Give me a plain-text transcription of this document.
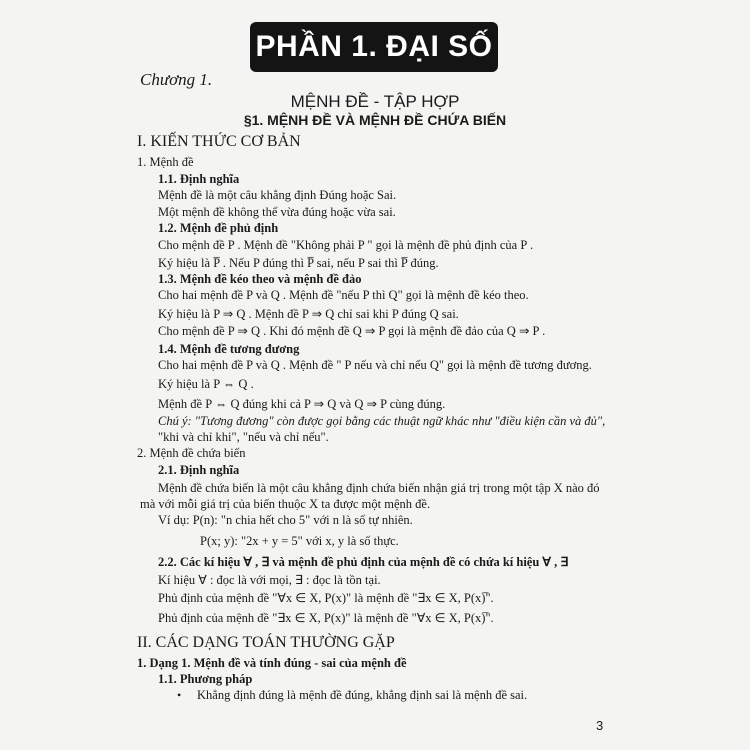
PHẦN 1. ĐẠI SỐ
Chương 1.
MỆNH ĐỀ - TẬP HỢP
§1. MỆNH ĐỀ VÀ MỆNH ĐỀ CHỨA BIẾN
I. KIẾN THỨC CƠ BẢN
1. Mệnh đề
1.1. Định nghĩa
Mệnh đề là một câu khẳng định Đúng hoặc Sai.
Một mệnh đề không thể vừa đúng hoặc vừa sai.
1.2. Mệnh đề phủ định
Cho mệnh đề P . Mệnh đề "Không phải P " gọi là mệnh đề phủ định của P .
Ký hiệu là P̅ . Nếu P đúng thì P̅ sai, nếu P sai thì P̅ đúng.
1.3. Mệnh đề kéo theo và mệnh đề đảo
Cho hai mệnh đề P và Q . Mệnh đề "nếu P thì Q" gọi là mệnh đề kéo theo.
Ký hiệu là P ⇒ Q . Mệnh đề P ⇒ Q chỉ sai khi P đúng Q sai.
Cho mệnh đề P ⇒ Q . Khi đó mệnh đề Q ⇒ P gọi là mệnh đề đảo của Q ⇒ P .
1.4. Mệnh đề tương đương
Cho hai mệnh đề P và Q . Mệnh đề " P nếu và chỉ nếu Q" gọi là mệnh đề tương đương.
Ký hiệu là P ⇔ Q .
Mệnh đề P ⇔ Q đúng khi cả P ⇒ Q và Q ⇒ P cùng đúng.
Chú ý: "Tương đương" còn được gọi bằng các thuật ngữ khác như "điều kiện cần và đủ",
"khi và chỉ khi", "nếu và chỉ nếu".
2. Mệnh đề chứa biến
2.1. Định nghĩa
Mệnh đề chứa biến là một câu khẳng định chứa biến nhận giá trị trong một tập X nào đó
mà với mỗi giá trị của biến thuộc X ta được một mệnh đề.
Ví dụ: P(n): "n chia hết cho 5" với n là số tự nhiên.
P(x; y): "2x + y = 5" với x, y là số thực.
2.2. Các kí hiệu ∀ , ∃ và mệnh đề phủ định của mệnh đề có chứa kí hiệu ∀ , ∃
Kí hiệu ∀ : đọc là với mọi, ∃ : đọc là tồn tại.
Phủ định của mệnh đề "∀x ∈ X, P(x)" là mệnh đề "∃x ∈ X, P(x)̅".
Phủ định của mệnh đề "∃x ∈ X, P(x)" là mệnh đề "∀x ∈ X, P(x)̅".
II. CÁC DẠNG TOÁN THƯỜNG GẶP
1. Dạng 1. Mệnh đề và tính đúng - sai của mệnh đề
1.1. Phương pháp
• Khẳng định đúng là mệnh đề đúng, khẳng định sai là mệnh đề sai.
3
